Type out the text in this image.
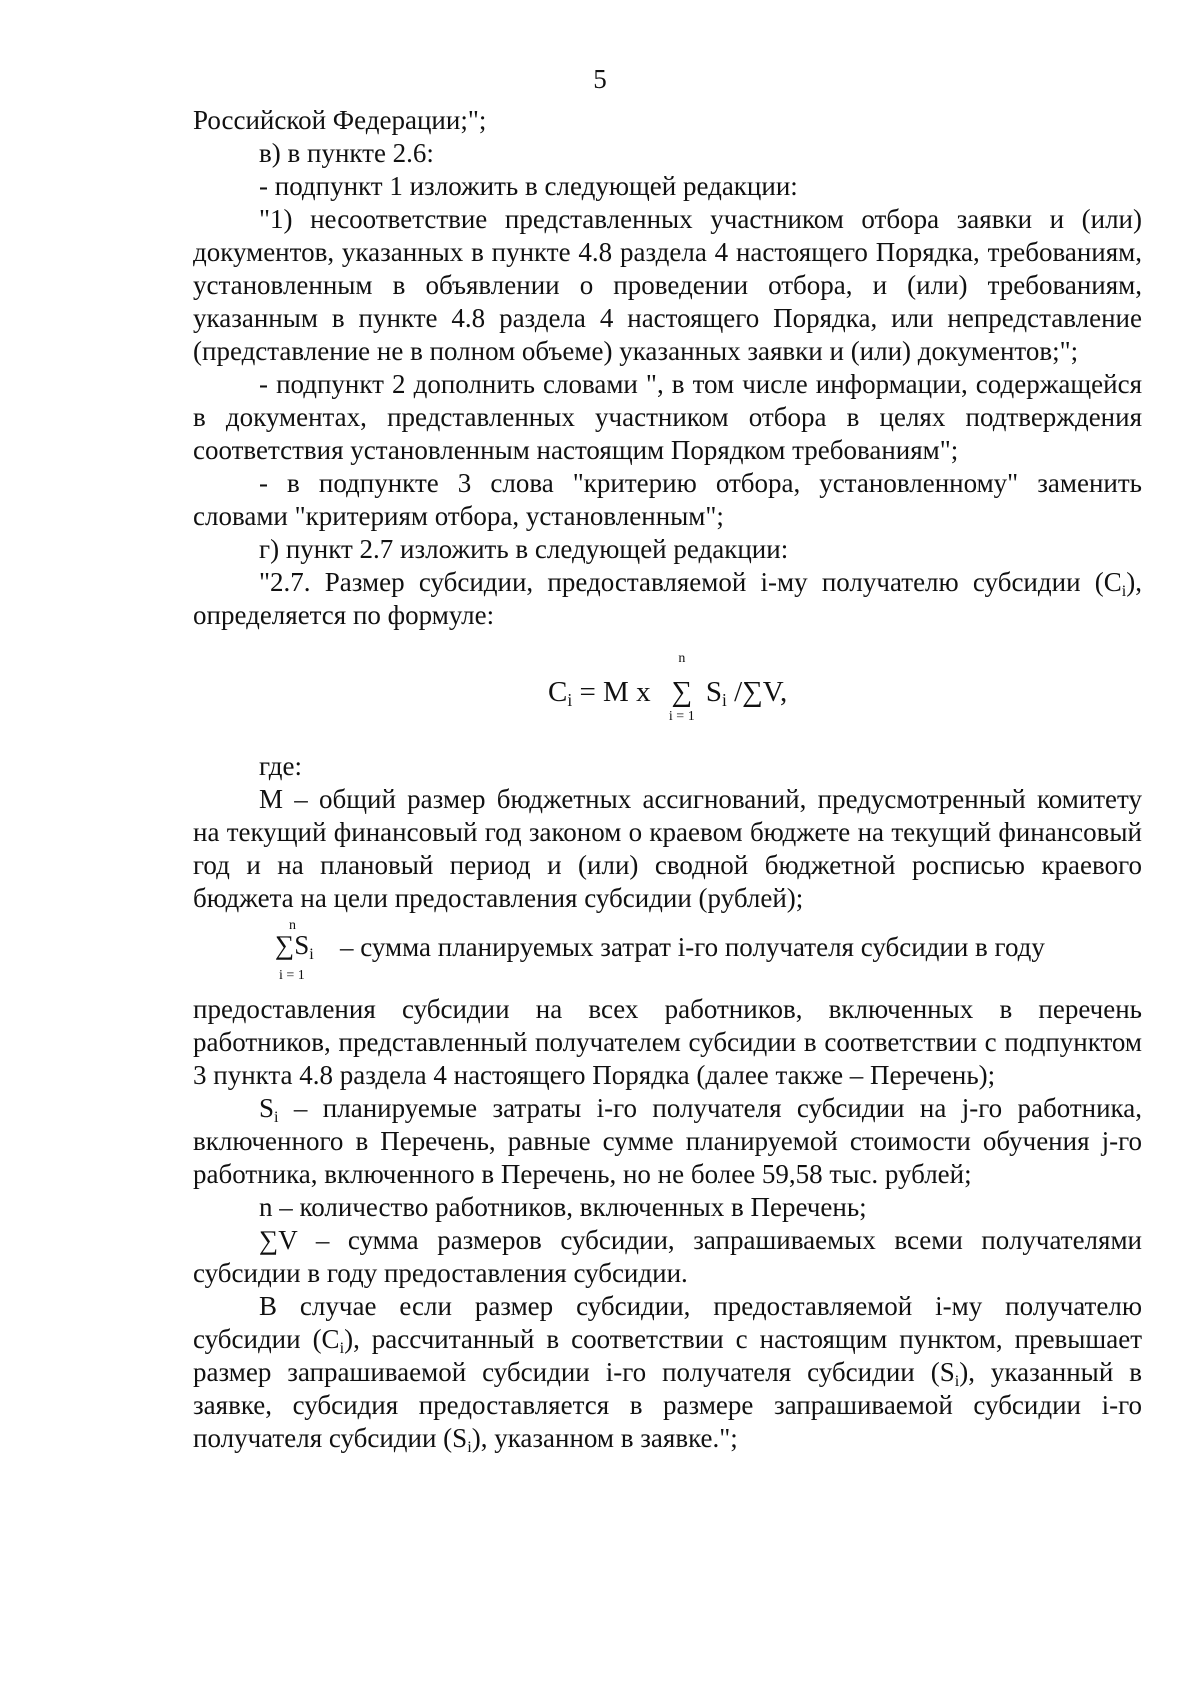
5

Российской Федерации;";

в) в пункте 2.6:

- подпункт 1 изложить в следующей редакции:

"1) несоответствие представленных участником отбора заявки и (или) документов, указанных в пункте 4.8 раздела 4 настоящего Порядка, требованиям, установленным в объявлении о проведении отбора, и (или) требованиям, указанным в пункте 4.8 раздела 4 настоящего Порядка, или непредставление (представление не в полном объеме) указанных заявки и (или) документов;";

- подпункт 2 дополнить словами ", в том числе информации, содержащейся в документах, представленных участником отбора в целях подтверждения соответствия установленным настоящим Порядком требованиям";

- в подпункте 3 слова "критерию отбора, установленному" заменить словами "критериям отбора, установленным";

г) пункт 2.7 изложить в следующей редакции:

"2.7. Размер субсидии, предоставляемой i-му получателю субсидии $(C_i)$, определяется по формуле:

$C_i = M$ x
n
∑
i = 1
$S_i$ /∑V,

где:

М – общий размер бюджетных ассигнований, предусмотренный комитету на текущий финансовый год законом о краевом бюджете на текущий финансовый год и на плановый период и (или) сводной бюджетной росписью краевого бюджета на цели предоставления субсидии (рублей);

n
$\sum S_i$
i = 1
– сумма планируемых затрат i-го получателя субсидии в году

предоставления субсидии на всех работников, включенных в перечень работников, представленный получателем субсидии в соответствии с подпунктом 3 пункта 4.8 раздела 4 настоящего Порядка (далее также – Перечень);

$S_i$ – планируемые затраты i-го получателя субсидии на j-го работника, включенного в Перечень, равные сумме планируемой стоимости обучения j-го работника, включенного в Перечень, но не более 59,58 тыс. рублей;

n – количество работников, включенных в Перечень;

∑V – сумма размеров субсидии, запрашиваемых всеми получателями субсидии в году предоставления субсидии.

В случае если размер субсидии, предоставляемой i-му получателю субсидии $(C_i)$, рассчитанный в соответствии с настоящим пунктом, превышает размер запрашиваемой субсидии i-го получателя субсидии $(S_i)$, указанный в заявке, субсидия предоставляется в размере запрашиваемой субсидии i-го получателя субсидии $(S_i)$, указанном в заявке.";
